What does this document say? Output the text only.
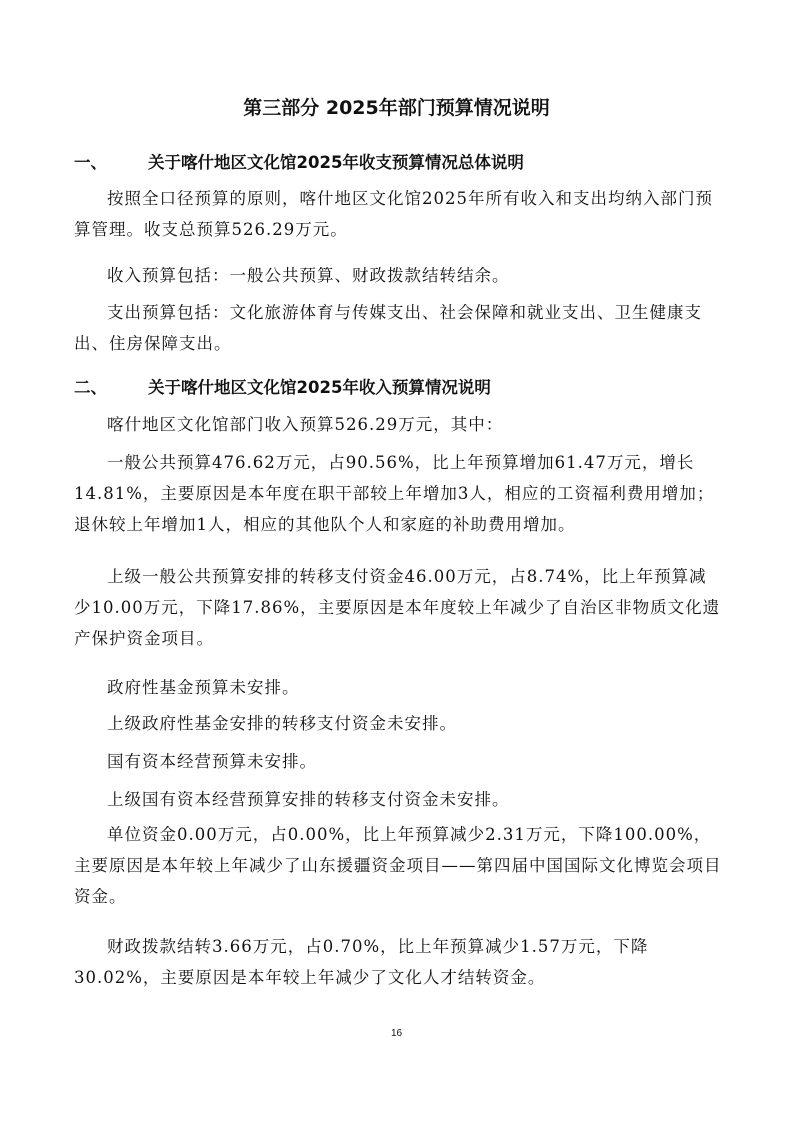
第三部分 2025年部门预算情况说明
一、 关于喀什地区文化馆2025年收支预算情况总体说明

按照全口径预算的原则，喀什地区文化馆2025年所有收入和支出均纳入部门预算管理。收支总预算526.29万元。

收入预算包括：一般公共预算、财政拨款结转结余。

支出预算包括：文化旅游体育与传媒支出、社会保障和就业支出、卫生健康支出、住房保障支出。

二、 关于喀什地区文化馆2025年收入预算情况说明

喀什地区文化馆部门收入预算526.29万元，其中：

一般公共预算476.62万元，占90.56%，比上年预算增加61.47万元，增长14.81%，主要原因是本年度在职干部较上年增加3人，相应的工资福利费用增加；退休较上年增加1人，相应的其他队个人和家庭的补助费用增加。

上级一般公共预算安排的转移支付资金46.00万元，占8.74%，比上年预算减少10.00万元，下降17.86%，主要原因是本年度较上年减少了自治区非物质文化遗产保护资金项目。

政府性基金预算未安排。

上级政府性基金安排的转移支付资金未安排。

国有资本经营预算未安排。

上级国有资本经营预算安排的转移支付资金未安排。

单位资金0.00万元，占0.00%，比上年预算减少2.31万元，下降100.00%，主要原因是本年较上年减少了山东援疆资金项目——第四届中国国际文化博览会项目资金。

财政拨款结转3.66万元，占0.70%，比上年预算减少1.57万元，下降30.02%，主要原因是本年较上年减少了文化人才结转资金。

16
